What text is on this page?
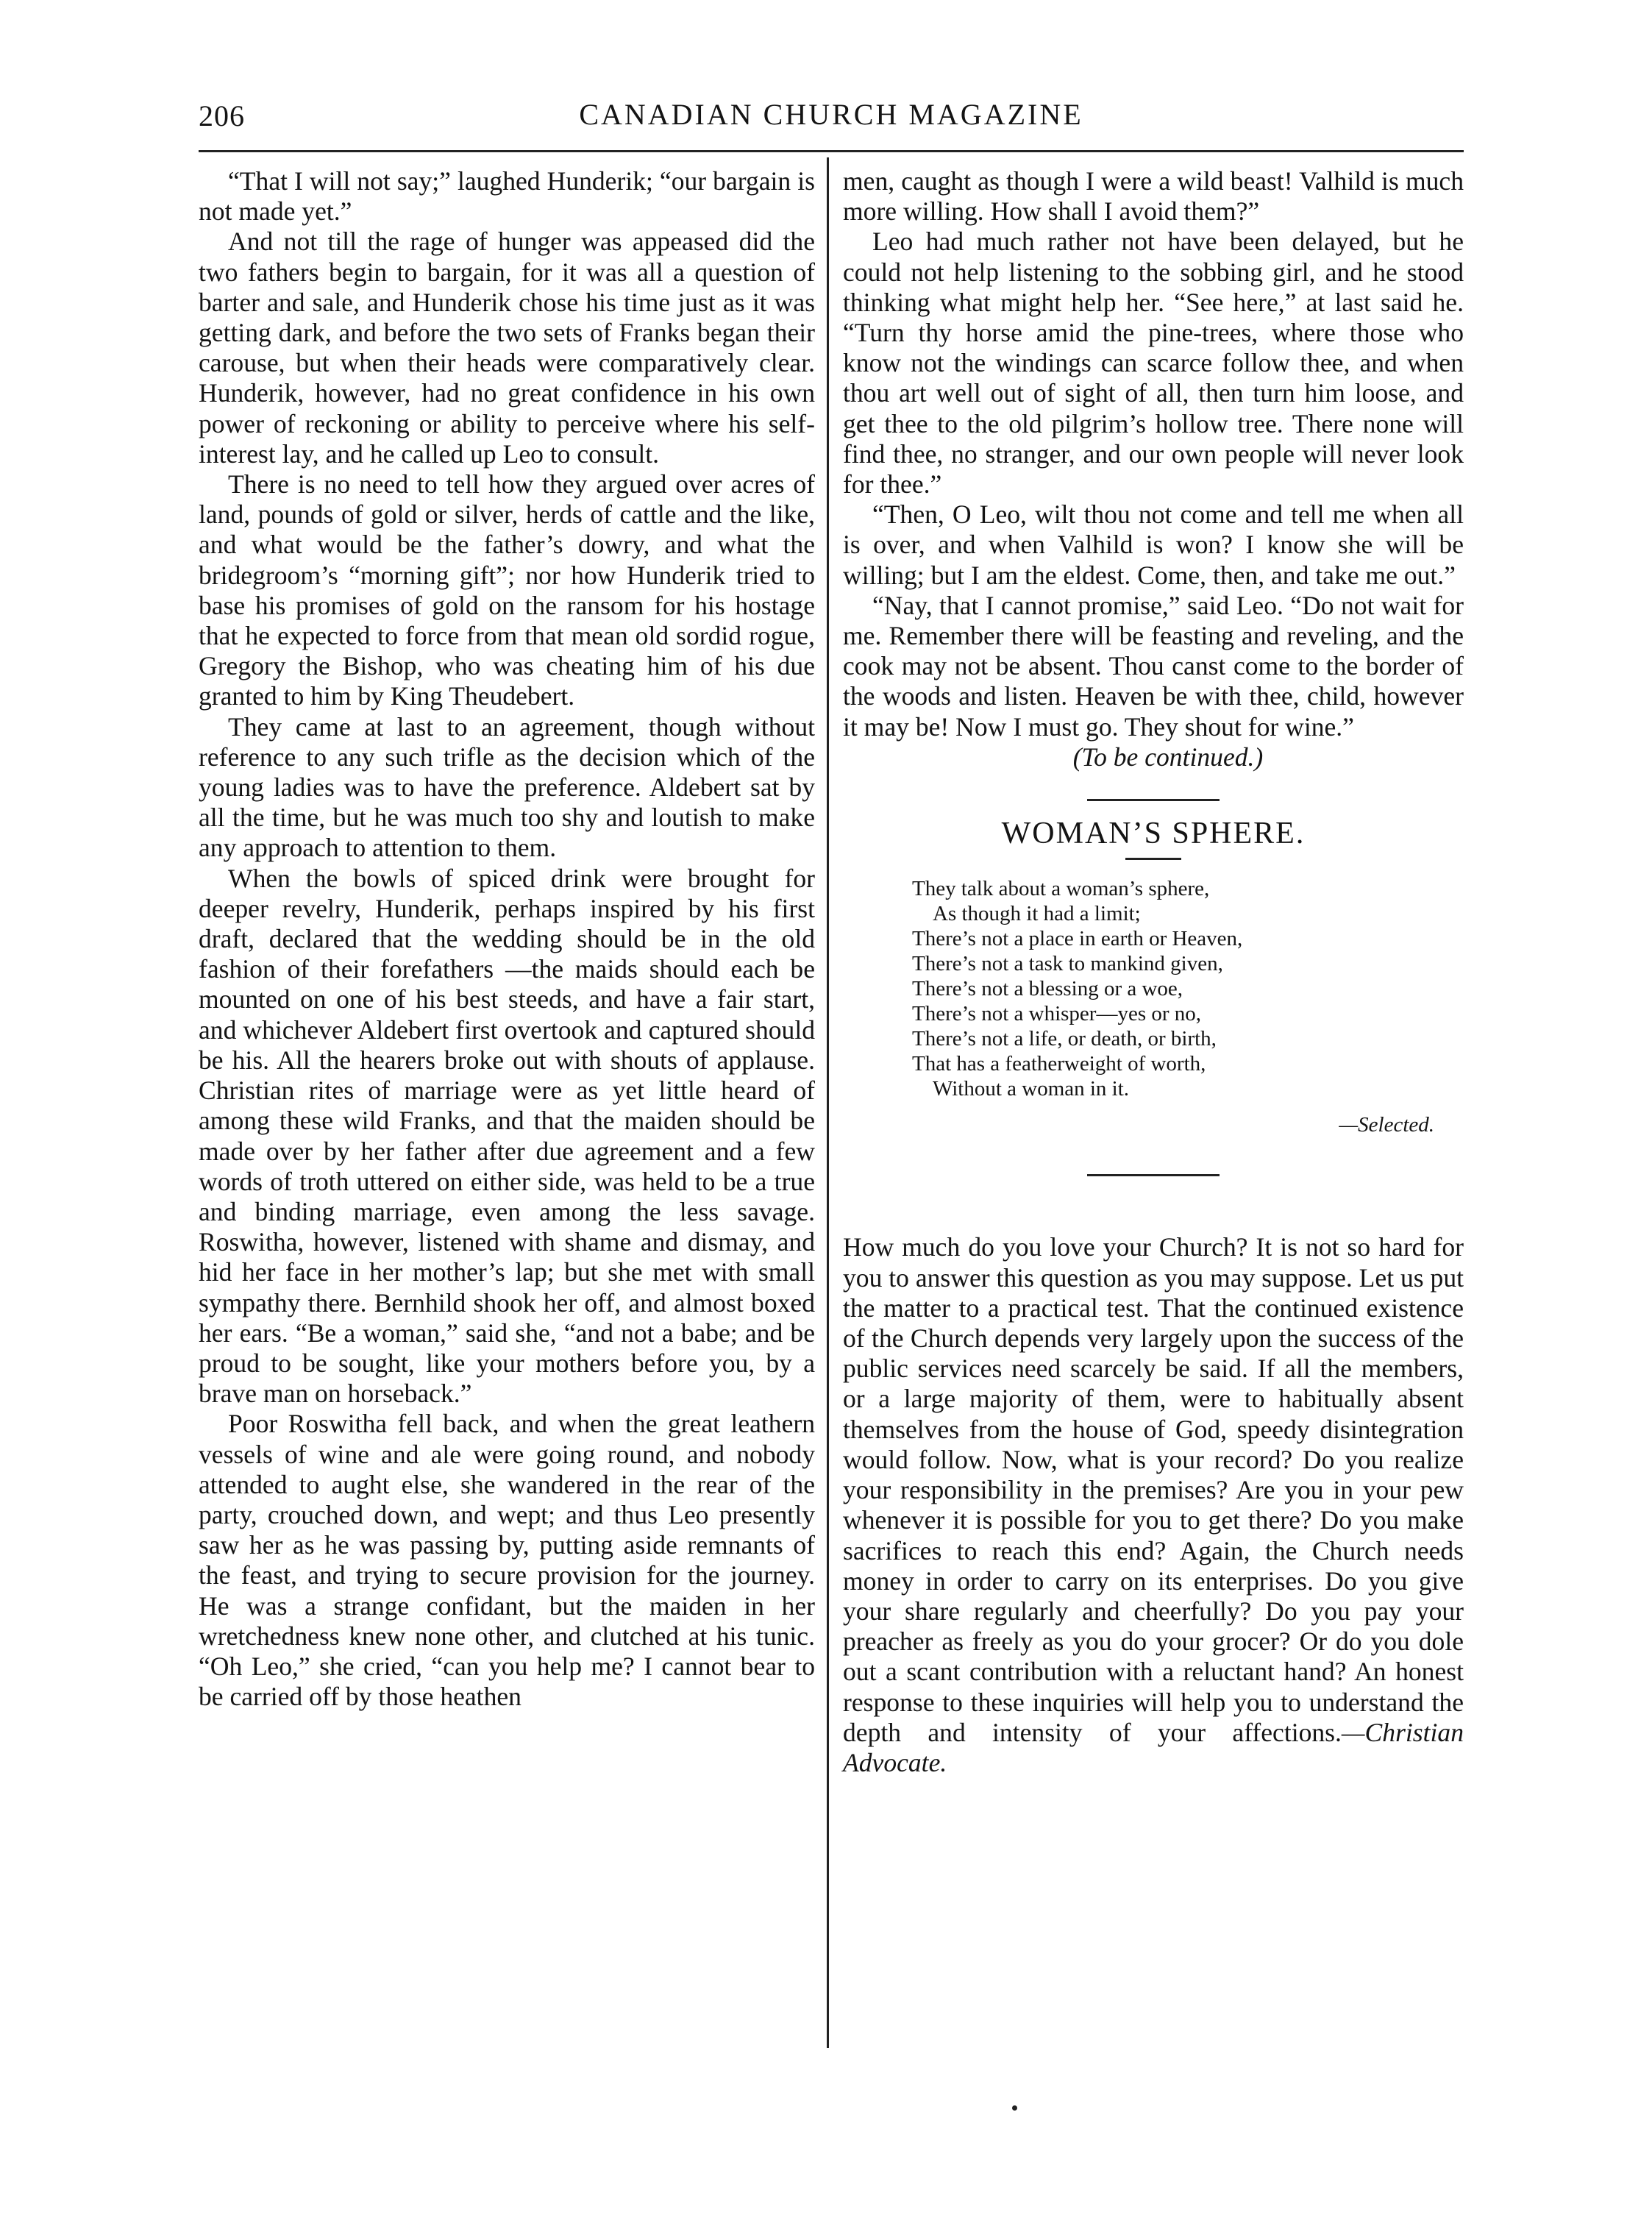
206	CANADIAN CHURCH MAGAZINE

“That I will not say;” laughed Hunderik; “our bargain is not made yet.”

And not till the rage of hunger was appeased did the two fathers begin to bargain, for it was all a question of barter and sale, and Hunderik chose his time just as it was getting dark, and before the two sets of Franks began their carouse, but when their heads were comparatively clear. Hunderik, however, had no great confidence in his own power of reckoning or ability to perceive where his self-interest lay, and he called up Leo to consult.

There is no need to tell how they argued over acres of land, pounds of gold or silver, herds of cattle and the like, and what would be the father’s dowry, and what the bridegroom’s “morning gift”; nor how Hunderik tried to base his promises of gold on the ransom for his hostage that he expected to force from that mean old sordid rogue, Gregory the Bishop, who was cheating him of his due granted to him by King Theudebert.

They came at last to an agreement, though without reference to any such trifle as the decision which of the young ladies was to have the preference. Aldebert sat by all the time, but he was much too shy and loutish to make any approach to attention to them.

When the bowls of spiced drink were brought for deeper revelry, Hunderik, perhaps inspired by his first draft, declared that the wedding should be in the old fashion of their forefathers —the maids should each be mounted on one of his best steeds, and have a fair start, and whichever Aldebert first overtook and captured should be his. All the hearers broke out with shouts of applause. Christian rites of marriage were as yet little heard of among these wild Franks, and that the maiden should be made over by her father after due agreement and a few words of troth uttered on either side, was held to be a true and binding marriage, even among the less savage. Roswitha, however, listened with shame and dismay, and hid her face in her mother’s lap; but she met with small sympathy there. Bernhild shook her off, and almost boxed her ears. “Be a woman,” said she, “and not a babe; and be proud to be sought, like your mothers before you, by a brave man on horseback.”

Poor Roswitha fell back, and when the great leathern vessels of wine and ale were going round, and nobody attended to aught else, she wandered in the rear of the party, crouched down, and wept; and thus Leo presently saw her as he was passing by, putting aside remnants of the feast, and trying to secure provision for the journey. He was a strange confidant, but the maiden in her wretchedness knew none other, and clutched at his tunic. “Oh Leo,” she cried, “can you help me? I cannot bear to be carried off by those heathen

men, caught as though I were a wild beast! Valhild is much more willing. How shall I avoid them?”

Leo had much rather not have been delayed, but he could not help listening to the sobbing girl, and he stood thinking what might help her. “See here,” at last said he. “Turn thy horse amid the pine-trees, where those who know not the windings can scarce follow thee, and when thou art well out of sight of all, then turn him loose, and get thee to the old pilgrim’s hollow tree. There none will find thee, no stranger, and our own people will never look for thee.”

“Then, O Leo, wilt thou not come and tell me when all is over, and when Valhild is won? I know she will be willing; but I am the eldest. Come, then, and take me out.”

“Nay, that I cannot promise,” said Leo. “Do not wait for me. Remember there will be feasting and reveling, and the cook may not be absent. Thou canst come to the border of the woods and listen. Heaven be with thee, child, however it may be! Now I must go. They shout for wine.”

(To be continued.)

WOMAN’S SPHERE.
They talk about a woman’s sphere,
As though it had a limit;
There’s not a place in earth or Heaven,
There’s not a task to mankind given,
There’s not a blessing or a woe,
There’s not a whisper—yes or no,
There’s not a life, or death, or birth,
That has a featherweight of worth,
Without a woman in it.
—Selected.

How much do you love your Church? It is not so hard for you to answer this question as you may suppose. Let us put the matter to a practical test. That the continued existence of the Church depends very largely upon the success of the public services need scarcely be said. If all the members, or a large majority of them, were to habitually absent themselves from the house of God, speedy disintegration would follow. Now, what is your record? Do you realize your responsibility in the premises? Are you in your pew whenever it is possible for you to get there? Do you make sacrifices to reach this end? Again, the Church needs money in order to carry on its enterprises. Do you give your share regularly and cheerfully? Do you pay your preacher as freely as you do your grocer? Or do you dole out a scant contribution with a reluctant hand? An honest response to these inquiries will help you to understand the depth and intensity of your affections.—Christian Advocate.
